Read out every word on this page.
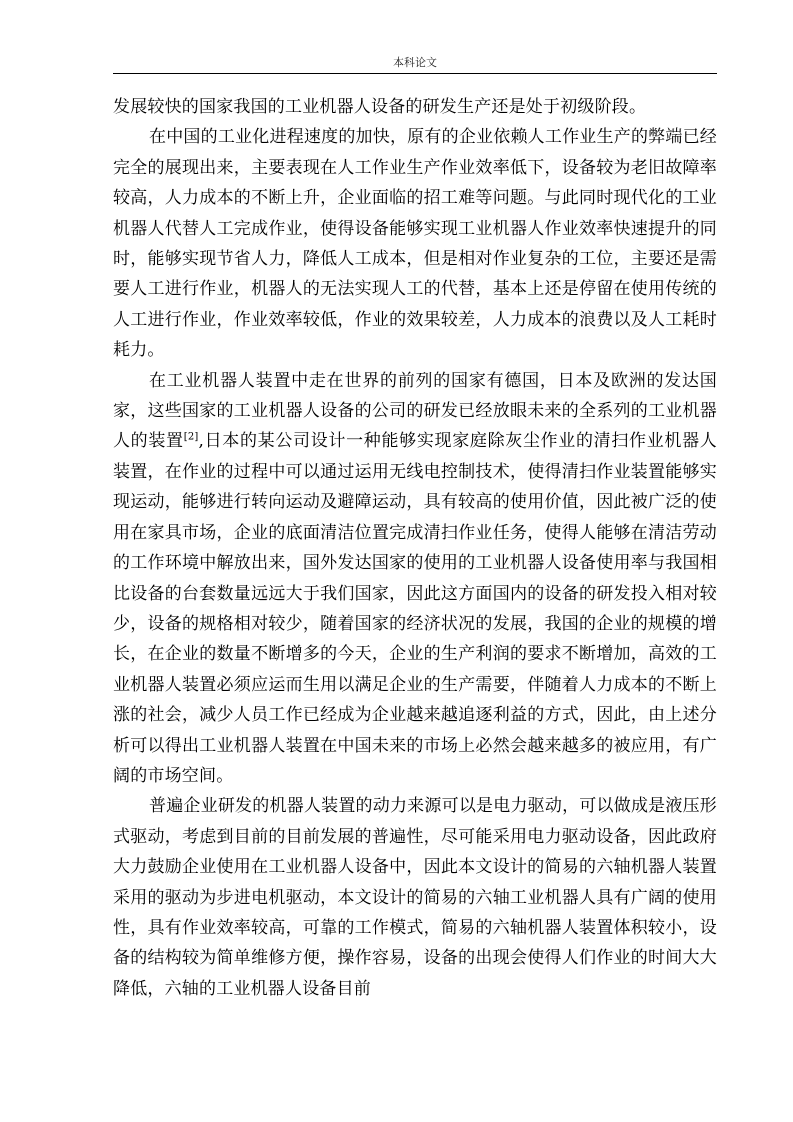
本科论文

发展较快的国家我国的工业机器人设备的研发生产还是处于初级阶段。

在中国的工业化进程速度的加快，原有的企业依赖人工作业生产的弊端已经完全的展现出来，主要表现在人工作业生产作业效率低下，设备较为老旧故障率较高，人力成本的不断上升，企业面临的招工难等问题。与此同时现代化的工业机器人代替人工完成作业，使得设备能够实现工业机器人作业效率快速提升的同时，能够实现节省人力，降低人工成本，但是相对作业复杂的工位，主要还是需要人工进行作业，机器人的无法实现人工的代替，基本上还是停留在使用传统的人工进行作业，作业效率较低，作业的效果较差，人力成本的浪费以及人工耗时耗力。

在工业机器人装置中走在世界的前列的国家有德国，日本及欧洲的发达国家，这些国家的工业机器人设备的公司的研发已经放眼未来的全系列的工业机器人的装置[2],日本的某公司设计一种能够实现家庭除灰尘作业的清扫作业机器人装置，在作业的过程中可以通过运用无线电控制技术，使得清扫作业装置能够实现运动，能够进行转向运动及避障运动，具有较高的使用价值，因此被广泛的使用在家具市场，企业的底面清洁位置完成清扫作业任务，使得人能够在清洁劳动的工作环境中解放出来，国外发达国家的使用的工业机器人设备使用率与我国相比设备的台套数量远远大于我们国家，因此这方面国内的设备的研发投入相对较少，设备的规格相对较少，随着国家的经济状况的发展，我国的企业的规模的增长，在企业的数量不断增多的今天，企业的生产利润的要求不断增加，高效的工业机器人装置必须应运而生用以满足企业的生产需要，伴随着人力成本的不断上涨的社会，减少人员工作已经成为企业越来越追逐利益的方式，因此，由上述分析可以得出工业机器人装置在中国未来的市场上必然会越来越多的被应用，有广阔的市场空间。

普遍企业研发的机器人装置的动力来源可以是电力驱动，可以做成是液压形式驱动，考虑到目前的目前发展的普遍性，尽可能采用电力驱动设备，因此政府大力鼓励企业使用在工业机器人设备中，因此本文设计的简易的六轴机器人装置采用的驱动为步进电机驱动，本文设计的简易的六轴工业机器人具有广阔的使用性，具有作业效率较高，可靠的工作模式，简易的六轴机器人装置体积较小，设备的结构较为简单维修方便，操作容易，设备的出现会使得人们作业的时间大大降低，六轴的工业机器人设备目前
